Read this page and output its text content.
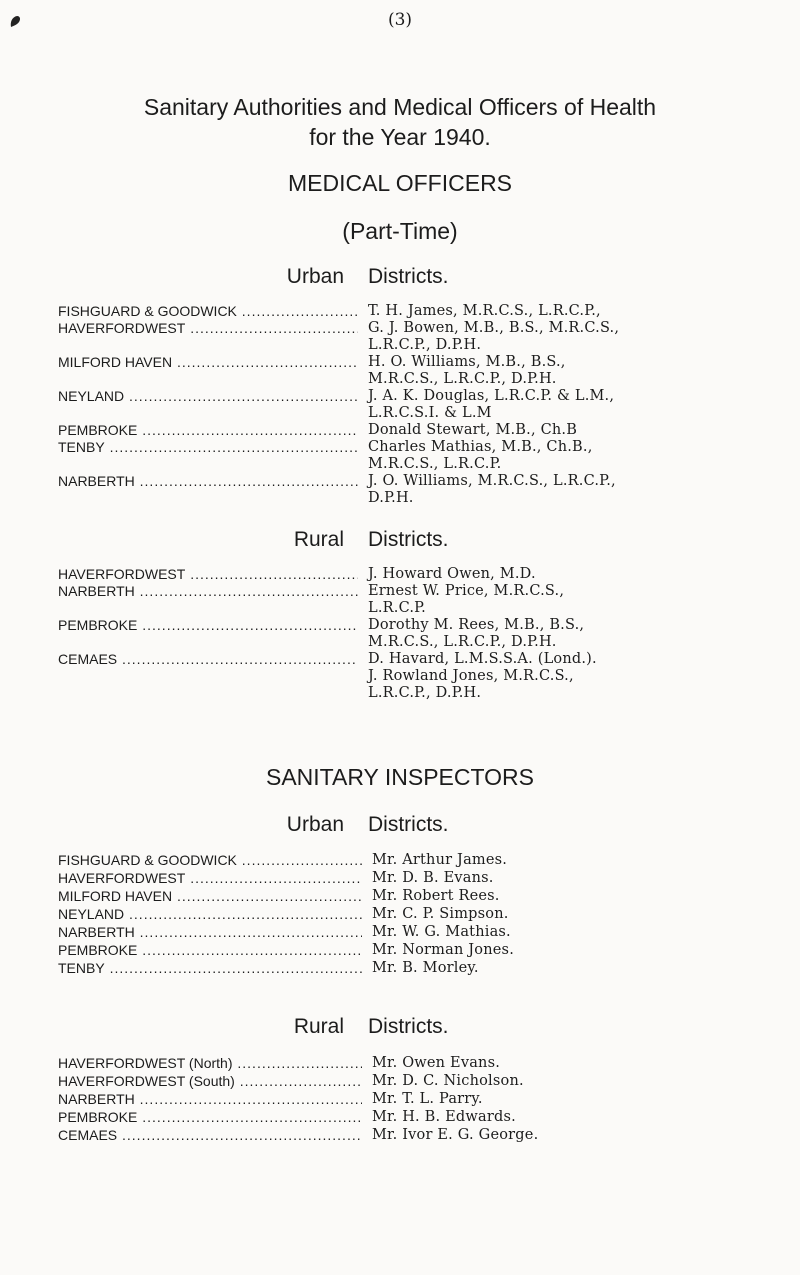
(3)
Sanitary Authorities and Medical Officers of Health
for the Year 1940.
MEDICAL OFFICERS
(Part-Time)
Urban Districts.
FISHGUARD & GOODWICK .....	T. H. James, M.R.C.S., L.R.C.P.,
HAVERFORDWEST .....	G. J. Bowen, M.B., B.S., M.R.C.S.,
L.R.C.P., D.P.H.
MILFORD HAVEN .....	H. O. Williams, M.B., B.S.,
M.R.C.S., L.R.C.P., D.P.H.
NEYLAND .....	J. A. K. Douglas, L.R.C.P. & L.M.,
L.R.C.S.I. & L.M
PEMBROKE .....	Donald Stewart, M.B., Ch.B
TENBY .....	Charles Mathias, M.B., Ch.B.,
M.R.C.S., L.R.C.P.
NARBERTH .....	J. O. Williams, M.R.C.S., L.R.C.P.,
D.P.H.
Rural Districts.
HAVERFORDWEST .....	J. Howard Owen, M.D.
NARBERTH .....	Ernest W. Price, M.R.C.S.,
L.R.C.P.
PEMBROKE .....	Dorothy M. Rees, M.B., B.S.,
M.R.C.S., L.R.C.P., D.P.H.
CEMAES .....	D. Havard, L.M.S.S.A. (Lond.).
J. Rowland Jones, M.R.C.S.,
L.R.C.P., D.P.H.
SANITARY INSPECTORS
Urban Districts.
FISHGUARD & GOODWICK .....	Mr. Arthur James.
HAVERFORDWEST .....	Mr. D. B. Evans.
MILFORD HAVEN .....	Mr. Robert Rees.
NEYLAND .....	Mr. C. P. Simpson.
NARBERTH .....	Mr. W. G. Mathias.
PEMBROKE .....	Mr. Norman Jones.
TENBY .....	Mr. B. Morley.
Rural Districts.
HAVERFORDWEST (North) .....	Mr. Owen Evans.
HAVERFORDWEST (South) .....	Mr. D. C. Nicholson.
NARBERTH .....	Mr. T. L. Parry.
PEMBROKE .....	Mr. H. B. Edwards.
CEMAES .....	Mr. Ivor E. G. George.
